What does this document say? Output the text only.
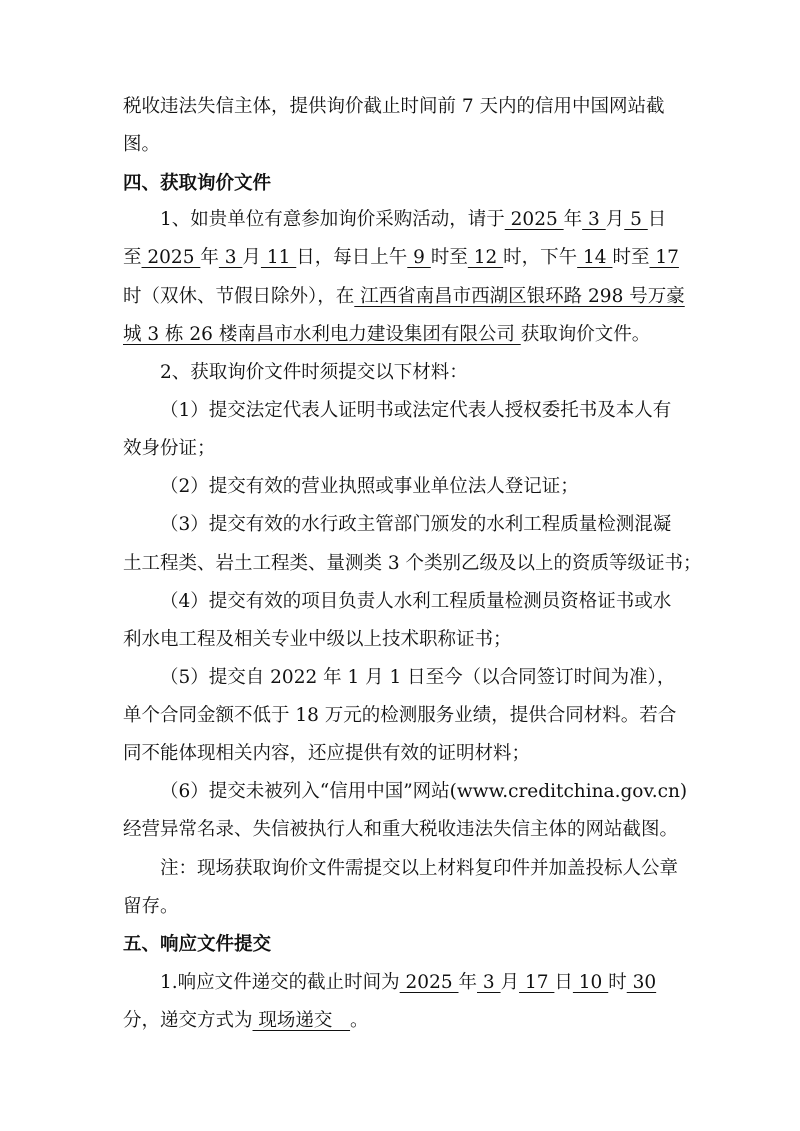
税收违法失信主体，提供询价截止时间前 7 天内的信用中国网站截
图。
四、获取询价文件
1、如贵单位有意参加询价采购活动，请于 2025 年 3 月 5 日
至 2025 年 3 月 11 日，每日上午 9 时至 12 时，下午 14 时至 17
时（双休、节假日除外），在 江西省南昌市西湖区银环路 298 号万豪
城 3 栋 26 楼南昌市水利电力建设集团有限公司 获取询价文件。
2、获取询价文件时须提交以下材料：
（1）提交法定代表人证明书或法定代表人授权委托书及本人有
效身份证；
（2）提交有效的营业执照或事业单位法人登记证；
（3）提交有效的水行政主管部门颁发的水利工程质量检测混凝
土工程类、岩土工程类、量测类 3 个类别乙级及以上的资质等级证书；
（4）提交有效的项目负责人水利工程质量检测员资格证书或水
利水电工程及相关专业中级以上技术职称证书；
（5）提交自 2022 年 1 月 1 日至今（以合同签订时间为准），
单个合同金额不低于 18 万元的检测服务业绩，提供合同材料。若合
同不能体现相关内容，还应提供有效的证明材料；
（6）提交未被列入“信用中国”网站(www.creditchina.gov.cn)
经营异常名录、失信被执行人和重大税收违法失信主体的网站截图。
注：现场获取询价文件需提交以上材料复印件并加盖投标人公章
留存。
五、响应文件提交
1.响应文件递交的截止时间为 2025 年 3 月 17 日 10 时 30
分，递交方式为 现场递交   。
